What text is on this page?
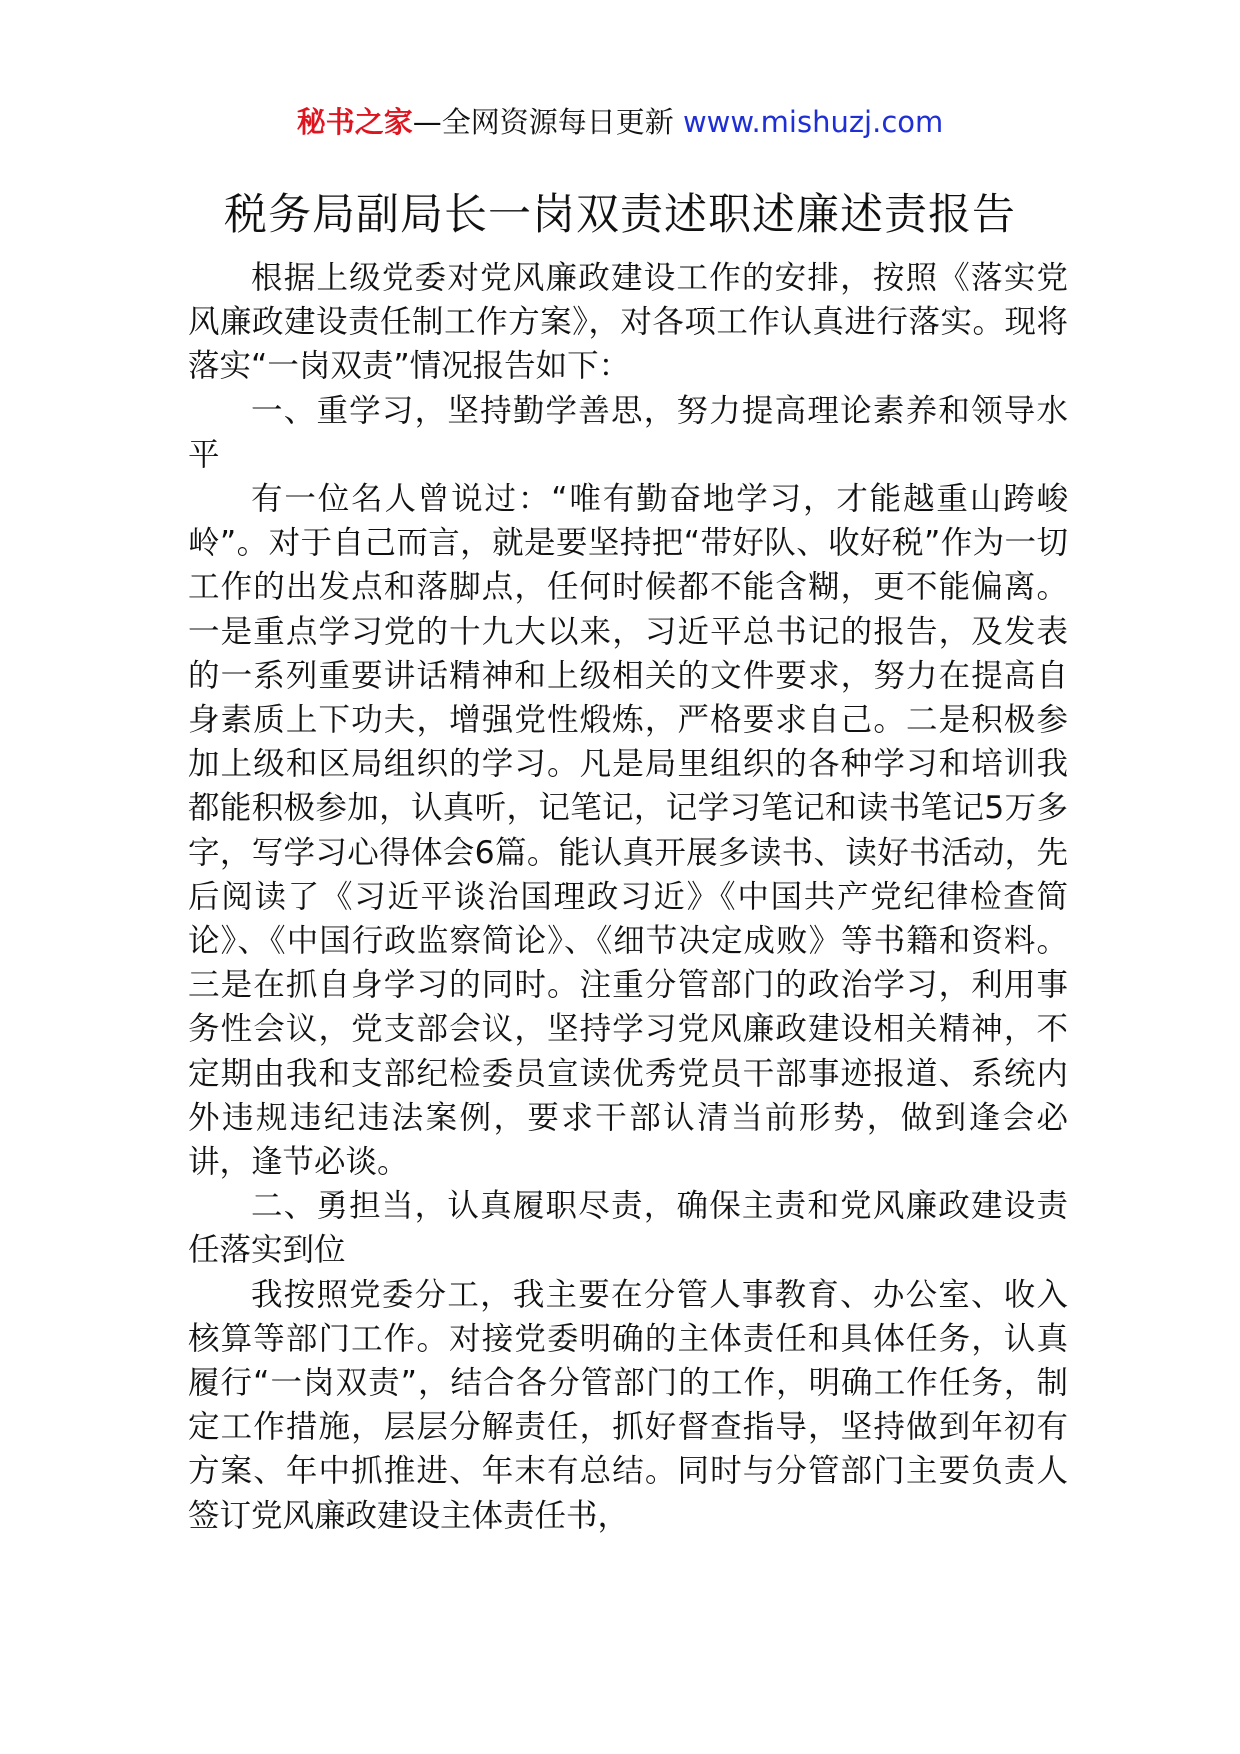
秘书之家—全网资源每日更新 www.mishuzj.com
税务局副局长一岗双责述职述廉述责报告

根据上级党委对党风廉政建设工作的安排，按照《落实党风廉政建设责任制工作方案》，对各项工作认真进行落实。现将落实“一岗双责”情况报告如下：

一、重学习，坚持勤学善思，努力提高理论素养和领导水平

有一位名人曾说过：“唯有勤奋地学习，才能越重山跨峻岭”。对于自己而言，就是要坚持把“带好队、收好税”作为一切工作的出发点和落脚点，任何时候都不能含糊，更不能偏离。一是重点学习党的十九大以来，习近平总书记的报告，及发表的一系列重要讲话精神和上级相关的文件要求，努力在提高自身素质上下功夫，增强党性煅炼，严格要求自己。二是积极参加上级和区局组织的学习。凡是局里组织的各种学习和培训我都能积极参加，认真听，记笔记，记学习笔记和读书笔记5万多字，写学习心得体会6篇。能认真开展多读书、读好书活动，先后阅读了《习近平谈治国理政习近》《中国共产党纪律检查简论》、《中国行政监察简论》、《细节决定成败》等书籍和资料。三是在抓自身学习的同时。注重分管部门的政治学习，利用事务性会议，党支部会议，坚持学习党风廉政建设相关精神，不定期由我和支部纪检委员宣读优秀党员干部事迹报道、系统内外违规违纪违法案例，要求干部认清当前形势，做到逢会必讲，逢节必谈。

二、勇担当，认真履职尽责，确保主责和党风廉政建设责任落实到位

我按照党委分工，我主要在分管人事教育、办公室、收入核算等部门工作。对接党委明确的主体责任和具体任务，认真履行“一岗双责”，结合各分管部门的工作，明确工作任务，制定工作措施，层层分解责任，抓好督查指导，坚持做到年初有方案、年中抓推进、年末有总结。同时与分管部门主要负责人签订党风廉政建设主体责任书，
